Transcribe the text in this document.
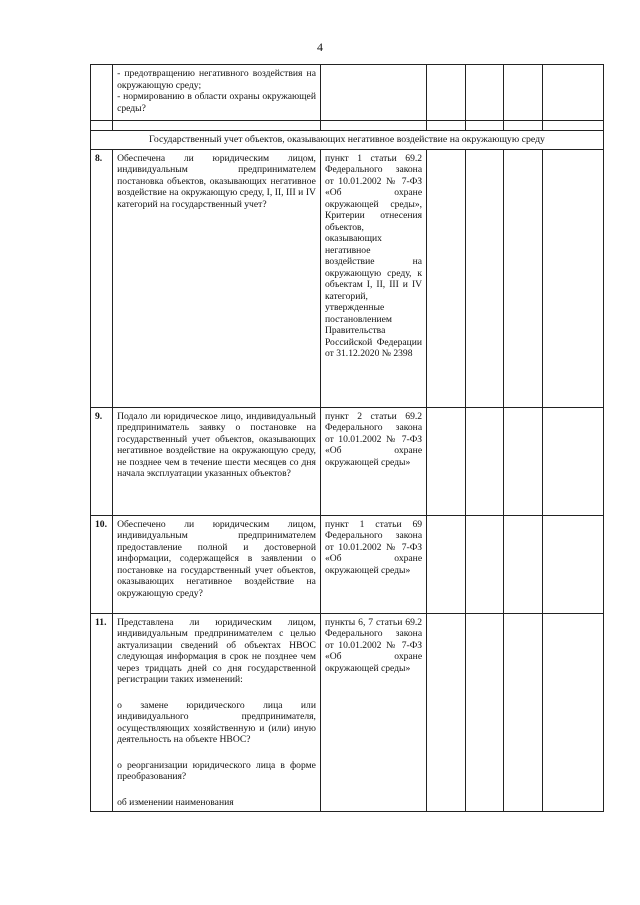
4

	- предотвращению негативного воздействия на окружающую среду;

- нормированию в области охраны окружающей среды?					

Государственный учет объектов, оказывающих негативное воздействие на окружающую среду						
8.	Обеспечена ли юридическим лицом, индивидуальным предпринимателем постановка объектов, оказывающих негативное воздействие на окружающую среду, I, II, III и IV категорий на государственный учет?	пункт 1 статьи 69.2 Федерального закона от 10.01.2002 № 7-ФЗ «Об охране окружающей среды», Критерии отнесения объектов, оказывающих негативное воздействие на окружающую среду, к объектам I, II, III и IV категорий, утвержденные постановлением Правительства Российской Федерации от 31.12.2020 № 2398				
9.	Подало ли юридическое лицо, индивидуальный предприниматель заявку о постановке на государственный учет объектов, оказывающих негативное воздействие на окружающую среду, не позднее чем в течение шести месяцев со дня начала эксплуатации указанных объектов?	пункт 2 статьи 69.2 Федерального закона от 10.01.2002 № 7-ФЗ «Об охране окружающей среды»				
10.	Обеспечено ли юридическим лицом, индивидуальным предпринимателем предоставление полной и достоверной информации, содержащейся в заявлении о постановке на государственный учет объектов, оказывающих негативное воздействие на окружающую среду?	пункт 1 статьи 69 Федерального закона от 10.01.2002 № 7-ФЗ «Об охране окружающей среды»				
11.	Представлена ли юридическим лицом, индивидуальным предпринимателем с целью актуализации сведений об объектах НВОС следующая информация в срок не позднее чем через тридцать дней со дня государственной регистрации таких изменений:

о замене юридического лица или индивидуального предпринимателя, осуществляющих хозяйственную и (или) иную деятельность на объекте НВОС?

о реорганизации юридического лица в форме преобразования?

об изменении наименования	пункты 6, 7 статьи 69.2 Федерального закона от 10.01.2002 № 7-ФЗ «Об охране окружающей среды»				
